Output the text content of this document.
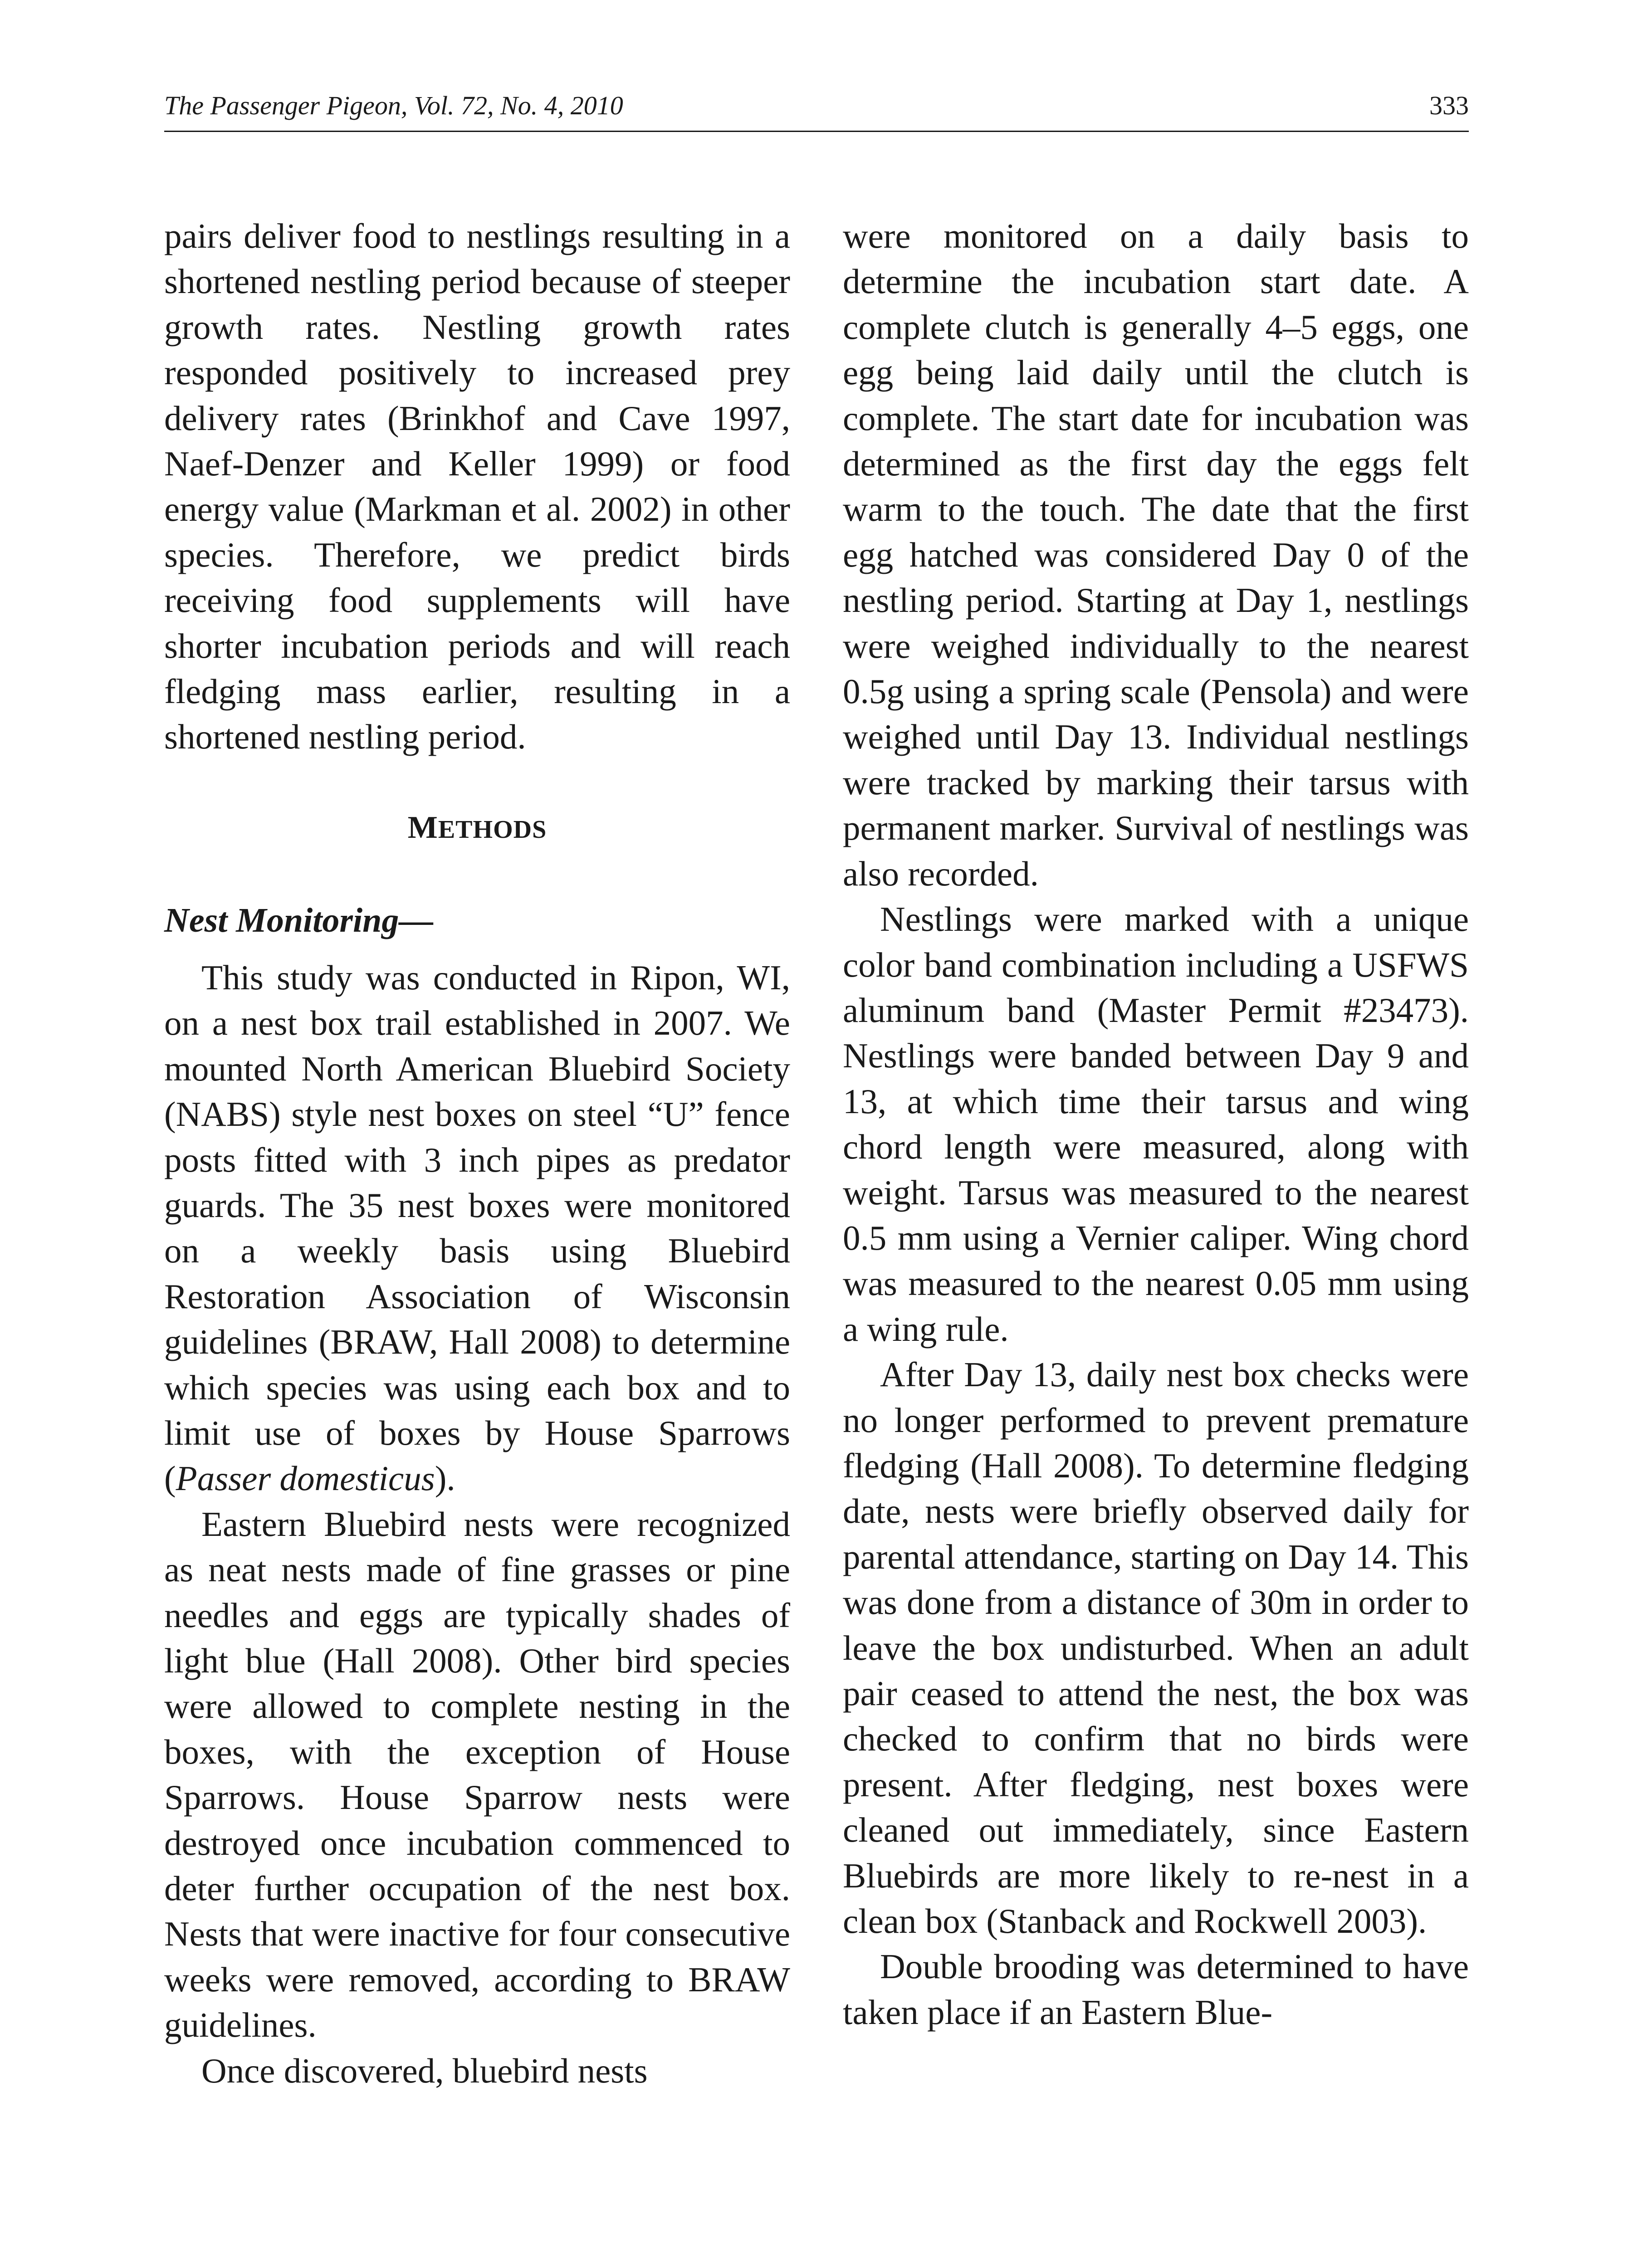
The Passenger Pigeon, Vol. 72, No. 4, 2010	333

pairs deliver food to nestlings resulting in a shortened nestling period because of steeper growth rates. Nestling growth rates responded positively to increased prey delivery rates (Brinkhof and Cave 1997, Naef-Denzer and Keller 1999) or food energy value (Markman et al. 2002) in other species. Therefore, we predict birds receiving food supplements will have shorter incubation periods and will reach fledging mass earlier, resulting in a shortened nestling period.

METHODS
Nest Monitoring—

This study was conducted in Ripon, WI, on a nest box trail established in 2007. We mounted North American Bluebird Society (NABS) style nest boxes on steel “U” fence posts fitted with 3 inch pipes as predator guards. The 35 nest boxes were monitored on a weekly basis using Bluebird Restoration Association of Wisconsin guidelines (BRAW, Hall 2008) to determine which species was using each box and to limit use of boxes by House Sparrows (Passer domesticus).

Eastern Bluebird nests were recognized as neat nests made of fine grasses or pine needles and eggs are typically shades of light blue (Hall 2008). Other bird species were allowed to complete nesting in the boxes, with the exception of House Sparrows. House Sparrow nests were destroyed once incubation commenced to deter further occupation of the nest box. Nests that were inactive for four consecutive weeks were removed, according to BRAW guidelines.

Once discovered, bluebird nests

were monitored on a daily basis to determine the incubation start date. A complete clutch is generally 4–5 eggs, one egg being laid daily until the clutch is complete. The start date for incubation was determined as the first day the eggs felt warm to the touch. The date that the first egg hatched was considered Day 0 of the nestling period. Starting at Day 1, nestlings were weighed individually to the nearest 0.5g using a spring scale (Pensola) and were weighed until Day 13. Individual nestlings were tracked by marking their tarsus with permanent marker. Survival of nestlings was also recorded.

Nestlings were marked with a unique color band combination including a USFWS aluminum band (Master Permit #23473). Nestlings were banded between Day 9 and 13, at which time their tarsus and wing chord length were measured, along with weight. Tarsus was measured to the nearest 0.5 mm using a Vernier caliper. Wing chord was measured to the nearest 0.05 mm using a wing rule.

After Day 13, daily nest box checks were no longer performed to prevent premature fledging (Hall 2008). To determine fledging date, nests were briefly observed daily for parental attendance, starting on Day 14. This was done from a distance of 30m in order to leave the box undisturbed. When an adult pair ceased to attend the nest, the box was checked to confirm that no birds were present. After fledging, nest boxes were cleaned out immediately, since Eastern Bluebirds are more likely to re-nest in a clean box (Stanback and Rockwell 2003).

Double brooding was determined to have taken place if an Eastern Blue-
